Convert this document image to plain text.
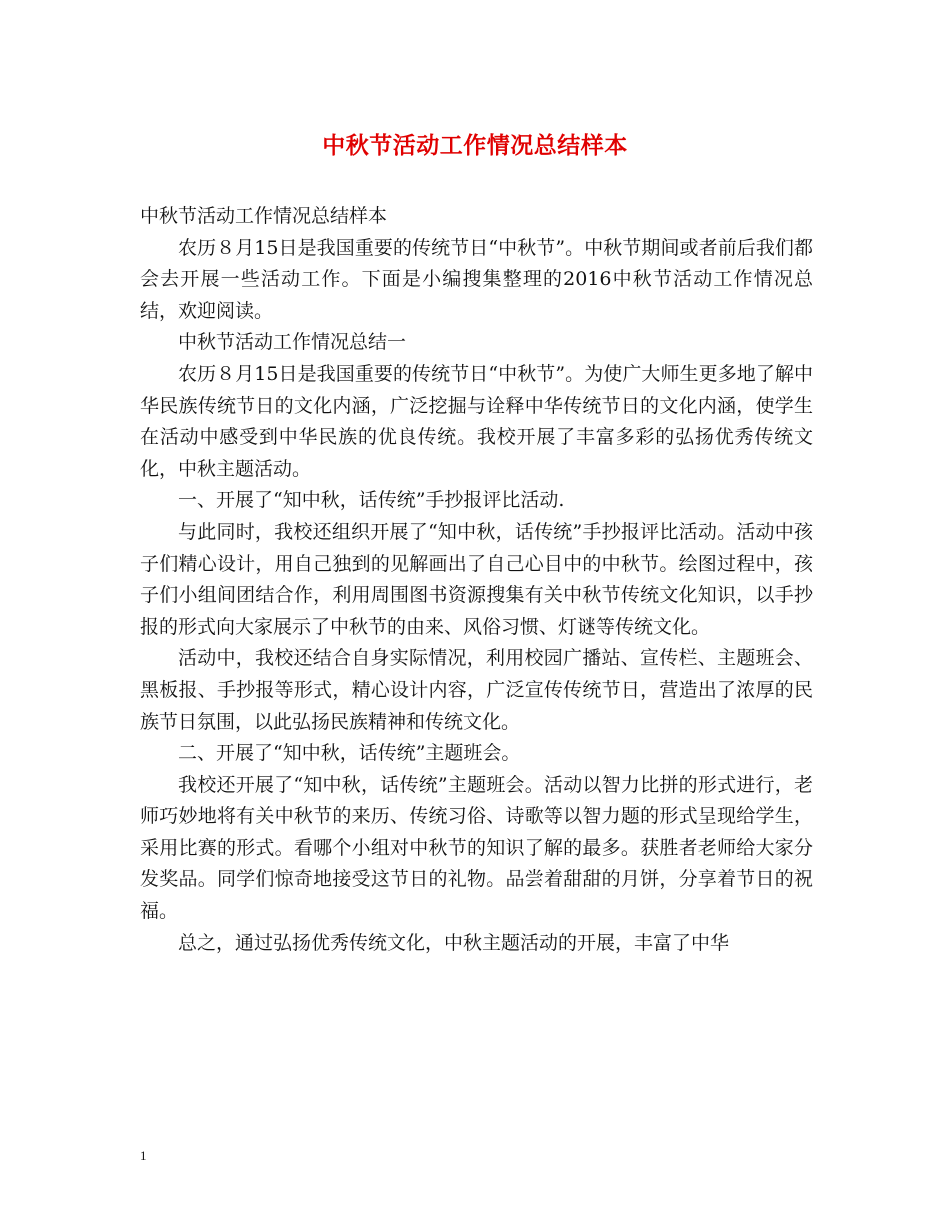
中秋节活动工作情况总结样本

中秋节活动工作情况总结样本

农历８月15日是我国重要的传统节日“中秋节”。中秋节期间或者前后我们都会去开展一些活动工作。下面是小编搜集整理的2016中秋节活动工作情况总结，欢迎阅读。

中秋节活动工作情况总结一

农历８月15日是我国重要的传统节日“中秋节”。为使广大师生更多地了解中华民族传统节日的文化内涵，广泛挖掘与诠释中华传统节日的文化内涵，使学生在活动中感受到中华民族的优良传统。我校开展了丰富多彩的弘扬优秀传统文化，中秋主题活动。

一、开展了“知中秋，话传统”手抄报评比活动.

与此同时，我校还组织开展了“知中秋，话传统”手抄报评比活动。活动中孩子们精心设计，用自己独到的见解画出了自己心目中的中秋节。绘图过程中，孩子们小组间团结合作，利用周围图书资源搜集有关中秋节传统文化知识，以手抄报的形式向大家展示了中秋节的由来、风俗习惯、灯谜等传统文化。

活动中，我校还结合自身实际情况，利用校园广播站、宣传栏、主题班会、黑板报、手抄报等形式，精心设计内容，广泛宣传传统节日，营造出了浓厚的民族节日氛围，以此弘扬民族精神和传统文化。

二、开展了“知中秋，话传统”主题班会。

我校还开展了“知中秋，话传统”主题班会。活动以智力比拼的形式进行，老师巧妙地将有关中秋节的来历、传统习俗、诗歌等以智力题的形式呈现给学生，采用比赛的形式。看哪个小组对中秋节的知识了解的最多。获胜者老师给大家分发奖品。同学们惊奇地接受这节日的礼物。品尝着甜甜的月饼，分享着节日的祝福。

总之，通过弘扬优秀传统文化，中秋主题活动的开展，丰富了中华

1
